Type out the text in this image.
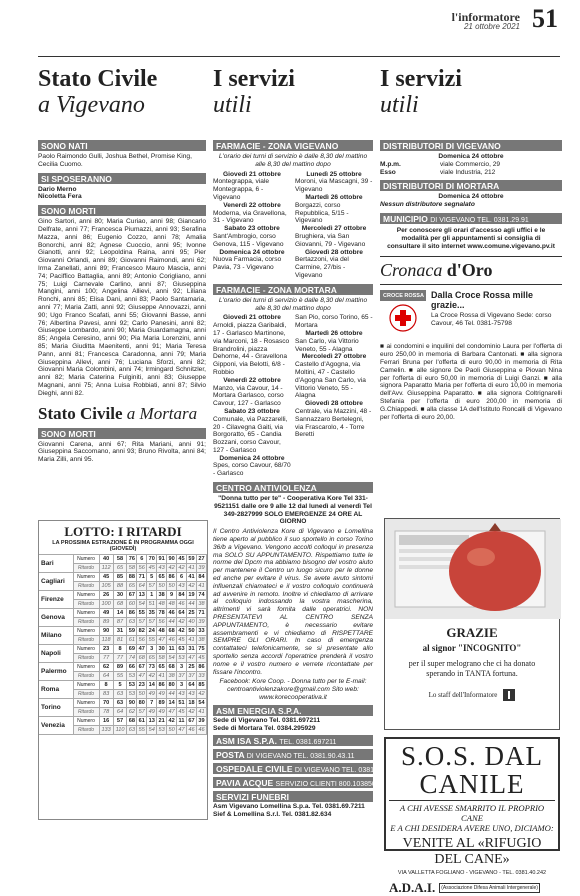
l'informatore
21 ottobre 2021 51
Stato Civile
a Vigevano
SONO NATI
Paolo Raimondo Gulli, Joshua Bethel, Promise King, Cecilia Cuomo.
SI SPOSERANNO
Dario Merno
Nicoletta Fera
SONO MORTI
Gino Sartori, anni 80; Maria Curiao, anni 98; Giancarlo Delfrate, anni 77; Francesca Piumazzi, anni 93; Serafina Mazza, anni 86; Eugenio Cozzo, anni 78; Amalia Bonorchi, anni 82; Agnese Cuoccio, anni 95; Ivonne Gianotti, anni 92; Leopoldina Raina, anni 95; Pier Giovanni Orlandi, anni 89; Giovanni Raimondi, anni 62; Irma Zanellati, anni 89; Francesco Mauro Mascia, anni 74; Paciffico Battaglia, anni 89; Antonio Coriglianо, anni 75; Luigi Carnevale Carlino, anni 87; Giuseppina Mangini, anni 100; Angelina Allievi, anni 92; Liliana Ronchi, anni 85; Elisa Dani, anni 83; Paolo Santamaria, anni 77; Maria Zatti, anni 92; Giuseppe Annovazzi, anni 90; Ugo Franco Scafati, anni 55; Giovanni Basse, anni 76; Albertina Pavesi, anni 92; Carlo Panesini, anni 82; Giuseppe Lombardo, anni 90; Maria Guardamagna, anni 85; Angela Ceresino, anni 90; Pia Maria Lorenzini, anni 85; Maria Giuditta Maenitenti, anni 91; Maria Teresa Pann, anni 81; Francesca Caradonna, anni 79; Maria Giuseppina Allevi, anni 76; Luciana Sforzi, anni 82; Giovanni Maria Colombini, anni 74; Irmingard Schnitzler, anni 82; Maria Caterina Fulginiti, anni 83; Giuseppe Magnani, anni 75; Anna Luisa Robbiati, anni 87; Silvio Dieghi, anni 82.
Stato Civile a Mortara
SONO MORTI
Giovanni Carena, anni 67; Rita Mariani, anni 91; Giuseppina Saccomano, anni 93; Bruno Rivolta, anni 84; Maria Zilli, anni 95.
LOTTO: I RITARDI
LA PROSSIMA ESTRAZIONE È IN PROGRAMMA OGGI (GIOVEDÌ)
Bari	Numero	40	58	76	6	70	91	90	45	59	27
	Ritardo	112	65	58	56	45	43	42	42	41	39
Cagliari	Numero	45	85	88	71	5	65	86	6	41	84
	Ritardo	105	88	65	64	57	50	50	43	42	41
Firenze	Numero	26	30	67	13	1	38	9	84	19	74
	Ritardo	100	68	60	54	51	48	48	46	44	38
Genova	Numero	49	14	86	55	35	78	46	64	25	71
	Ritardo	89	87	63	57	57	56	44	42	40	39
Milano	Numero	90	31	59	82	24	48	68	42	50	33
	Ritardo	118	81	61	56	55	47	46	45	41	38
Napoli	Numero	23	8	69	47	3	30	11	63	31	75
	Ritardo	77	77	74	68	65	58	54	53	47	45
Palermo	Numero	62	89	66	67	73	65	68	3	25	86
	Ritardo	64	55	53	47	42	41	38	37	37	33
Roma	Numero	8	5	53	23	14	86	80	3	64	85
	Ritardo	83	63	53	50	49	49	44	43	43	42
Torino	Numero	70	63	90	80	7	89	14	51	18	54
	Ritardo	78	64	62	57	49	49	47	45	42	41
Venezia	Numero	16	57	68	61	13	21	42	11	67	39
	Ritardo	133	110	63	55	54	53	50	47	46	46
I servizi
utili
FARMACIE - ZONA VIGEVANO
L'orario dei turni di servizio è dalle 8,30 del mattino alle 8,30 del mattino dopo
Giovedì 21 ottobre
Montegrappa, viale Montegrappa, 6 - Vigevano
Venerdì 22 ottobre
Moderna, via Gravellona, 31 - Vigevano
Sabato 23 ottobre
Sant'Ambrogio, corso Genova, 115 - Vigevano
Domenica 24 ottobre
Nuova Farmacia, corso Pavia, 73 - Vigevano
Lunedì 25 ottobre
Moroni, via Mascagni, 39 - Vigevano
Martedì 26 ottobre
Borgazzi, corso Repubblica, 5/15 - Vigevano
Mercoledì 27 ottobre
Brughiera, via San Giovanni, 79 - Vigevano
Giovedì 28 ottobre
Bertazzoni, via del Carmine, 27/bis - Vigevano
FARMACIE - ZONA MORTARA
L'orario dei turni di servizio è dalle 8,30 del mattino alle 8,30 del mattino dopo
Giovedì 21 ottobre
Arnoldi, piazza Garibaldi, 17 - Garlasco Martinone, via Marconi, 18 - Rosasco Brandrolini, piazza Dehorne, 44 - Gravellona Gipponi, via Belotti, 6/8 - Robbio
Venerdì 22 ottobre
Manzo, via Cavour, 14 - Mortara Garlasco, corso Cavour, 127 - Garlasco
Sabato 23 ottobre
Comunale, via Pazzarelli, 20 - Cilavegna Gaiti, via Borgoratto, 65 - Candia Bozzani, corso Cavour, 127 - Garlasco
Domenica 24 ottobre
Spes, corso Cavour, 68/70 - Garlasco
San Pio, corso Torino, 65 - Mortara
Martedì 26 ottobre
San Carlo, via Vittorio Veneto, 55 - Alagna
Mercoledì 27 ottobre
Castello d'Agogna, via Moltini, 47 - Castello d'Agogna San Carlo, via Vittorio Veneto, 55 - Alagna
Giovedì 28 ottobre
Centrale, via Mazzini, 48 - Sannazzaro Bertelegni, via Frascarolo, 4 - Torre Beretti
CENTRO ANTIVIOLENZA
"Donna tutto per te" - Cooperativa Kore Tel 331-9521151 dalle ore 9 alle 12 dal lunedì al venerdì Tel 349-2827999 SOLO EMERGENZE 24 ORE AL GIORNO
Il Centro Antiviolenza Kore di Vigevano e Lomellina tiene aperto al pubblico il suo sportello in corso Torino 36/b a Vigevano. Vengono accolti colloqui in presenza ma SOLO SU APPUNTAMENTO. Rispettiamo tutte le norme dei Dpcm ma abbiamo bisogno del vostro aiuto per mantenere il Centro un luogo sicuro per le donne ed anche per evitare il virus. Se avete avuto sintomi influenzali chiamateci e il vostro colloquio continuerà ad avvenire in remoto. Inoltre vi chiediamo di arrivare al colloquio indossando la vostra mascherina, altrimenti vi sarà fornita dalle operatrici. NON PRESENTATEVI AL CENTRO SENZA APPUNTAMENTO, è necessario evitare assembramenti e vi chiediamo di RISPETTARE SEMPRE GLI ORARI. In caso di emergenza contattateci telefonicamente, se si presentate allo sportello senza accordi l'operatrice prenderà il vostro nome e il vostro numero e verrete ricontattate per fissare l'incontro.
Facebook: Kore Coop. - Donna tutto per te E-mail: centroantiviolenzakore@gmail.com Sito web: www.korecooperativa.it
ASM ENERGIA S.P.A.
Sede di Vigevano Tel. 0381.697211
Sede di Mortara Tel. 0384.295929
ASM ISA S.P.A. TEL. 0381.697211
POSTA DI VIGEVANO TEL. 0381.90.43.11
OSPEDALE CIVILE DI VIGEVANO TEL. 0381.333.1
PAVIA ACQUE SERVIZIO CLIENTI 800.103850
SERVIZI FUNEBRI
Asm Vigevano Lomellina S.p.a. Tel. 0381.69.7211
Sief & Lomellina S.r.l. Tel. 0381.82.634
I servizi
utili
DISTRIBUTORI DI VIGEVANO
Domenica 24 ottobre
M.p.m.	viale Commercio, 29
Esso	viale Industria, 212
DISTRIBUTORI DI MORTARA
Domenica 24 ottobre
Nessun distributore segnalato
MUNICIPIO DI VIGEVANO TEL. 0381.29.91
Per conoscere gli orari d'accesso agli uffici e le modalità per gli appuntamenti si consiglia di consultare il sito internet www.comune.vigevano.pv.it
Cronaca d'Oro
CROCE ROSSA Dalla Croce Rossa mille grazie...
La Croce Rossa di Vigevano Sede: corso Cavour, 46 Tel. 0381-75798
■ ai condomini e inquilini del condominio Laura per l'offerta di euro 250,00 in memoria di Barbara Cantonati. ■ alla signora Ferrari Bruna per l'offerta di euro 90,00 in memoria di Rita Camelin. ■ alle signore De Paoli Giuseppina e Piovan Nina per l'offerta di euro 50,00 in memoria di Luigi Ganzi. ■ alla signora Paparatto Maria per l'offerta di euro 10,00 in memoria dell'Avv. Giuseppina Paparatto. ■ alla signora Coltrignarelli Stefania per l'offerta di euro 200,00 in memoria di G.Chiappedi. ■ alla classe 1A dell'Istituto Roncalli di Vigevano per l'offerta di euro 20,00.
GRAZIE
al signor "INCOGNITO"
per il super melograno che ci ha donato sperando in TANTA fortuna.
Lo staff dell'Informatore
S.O.S. DAL CANILE
A CHI AVESSE SMARRITO IL PROPRIO CANE
E A CHI DESIDERA AVERE UNO, DICIAMO:
VENITE AL «RIFUGIO DEL CANE»
VIA VALLETTA FOGLIANO - VIGEVANO - TEL. 0381.40.242
A.D.A.I.	(Associazione Difesa Animali Intergenerale)
